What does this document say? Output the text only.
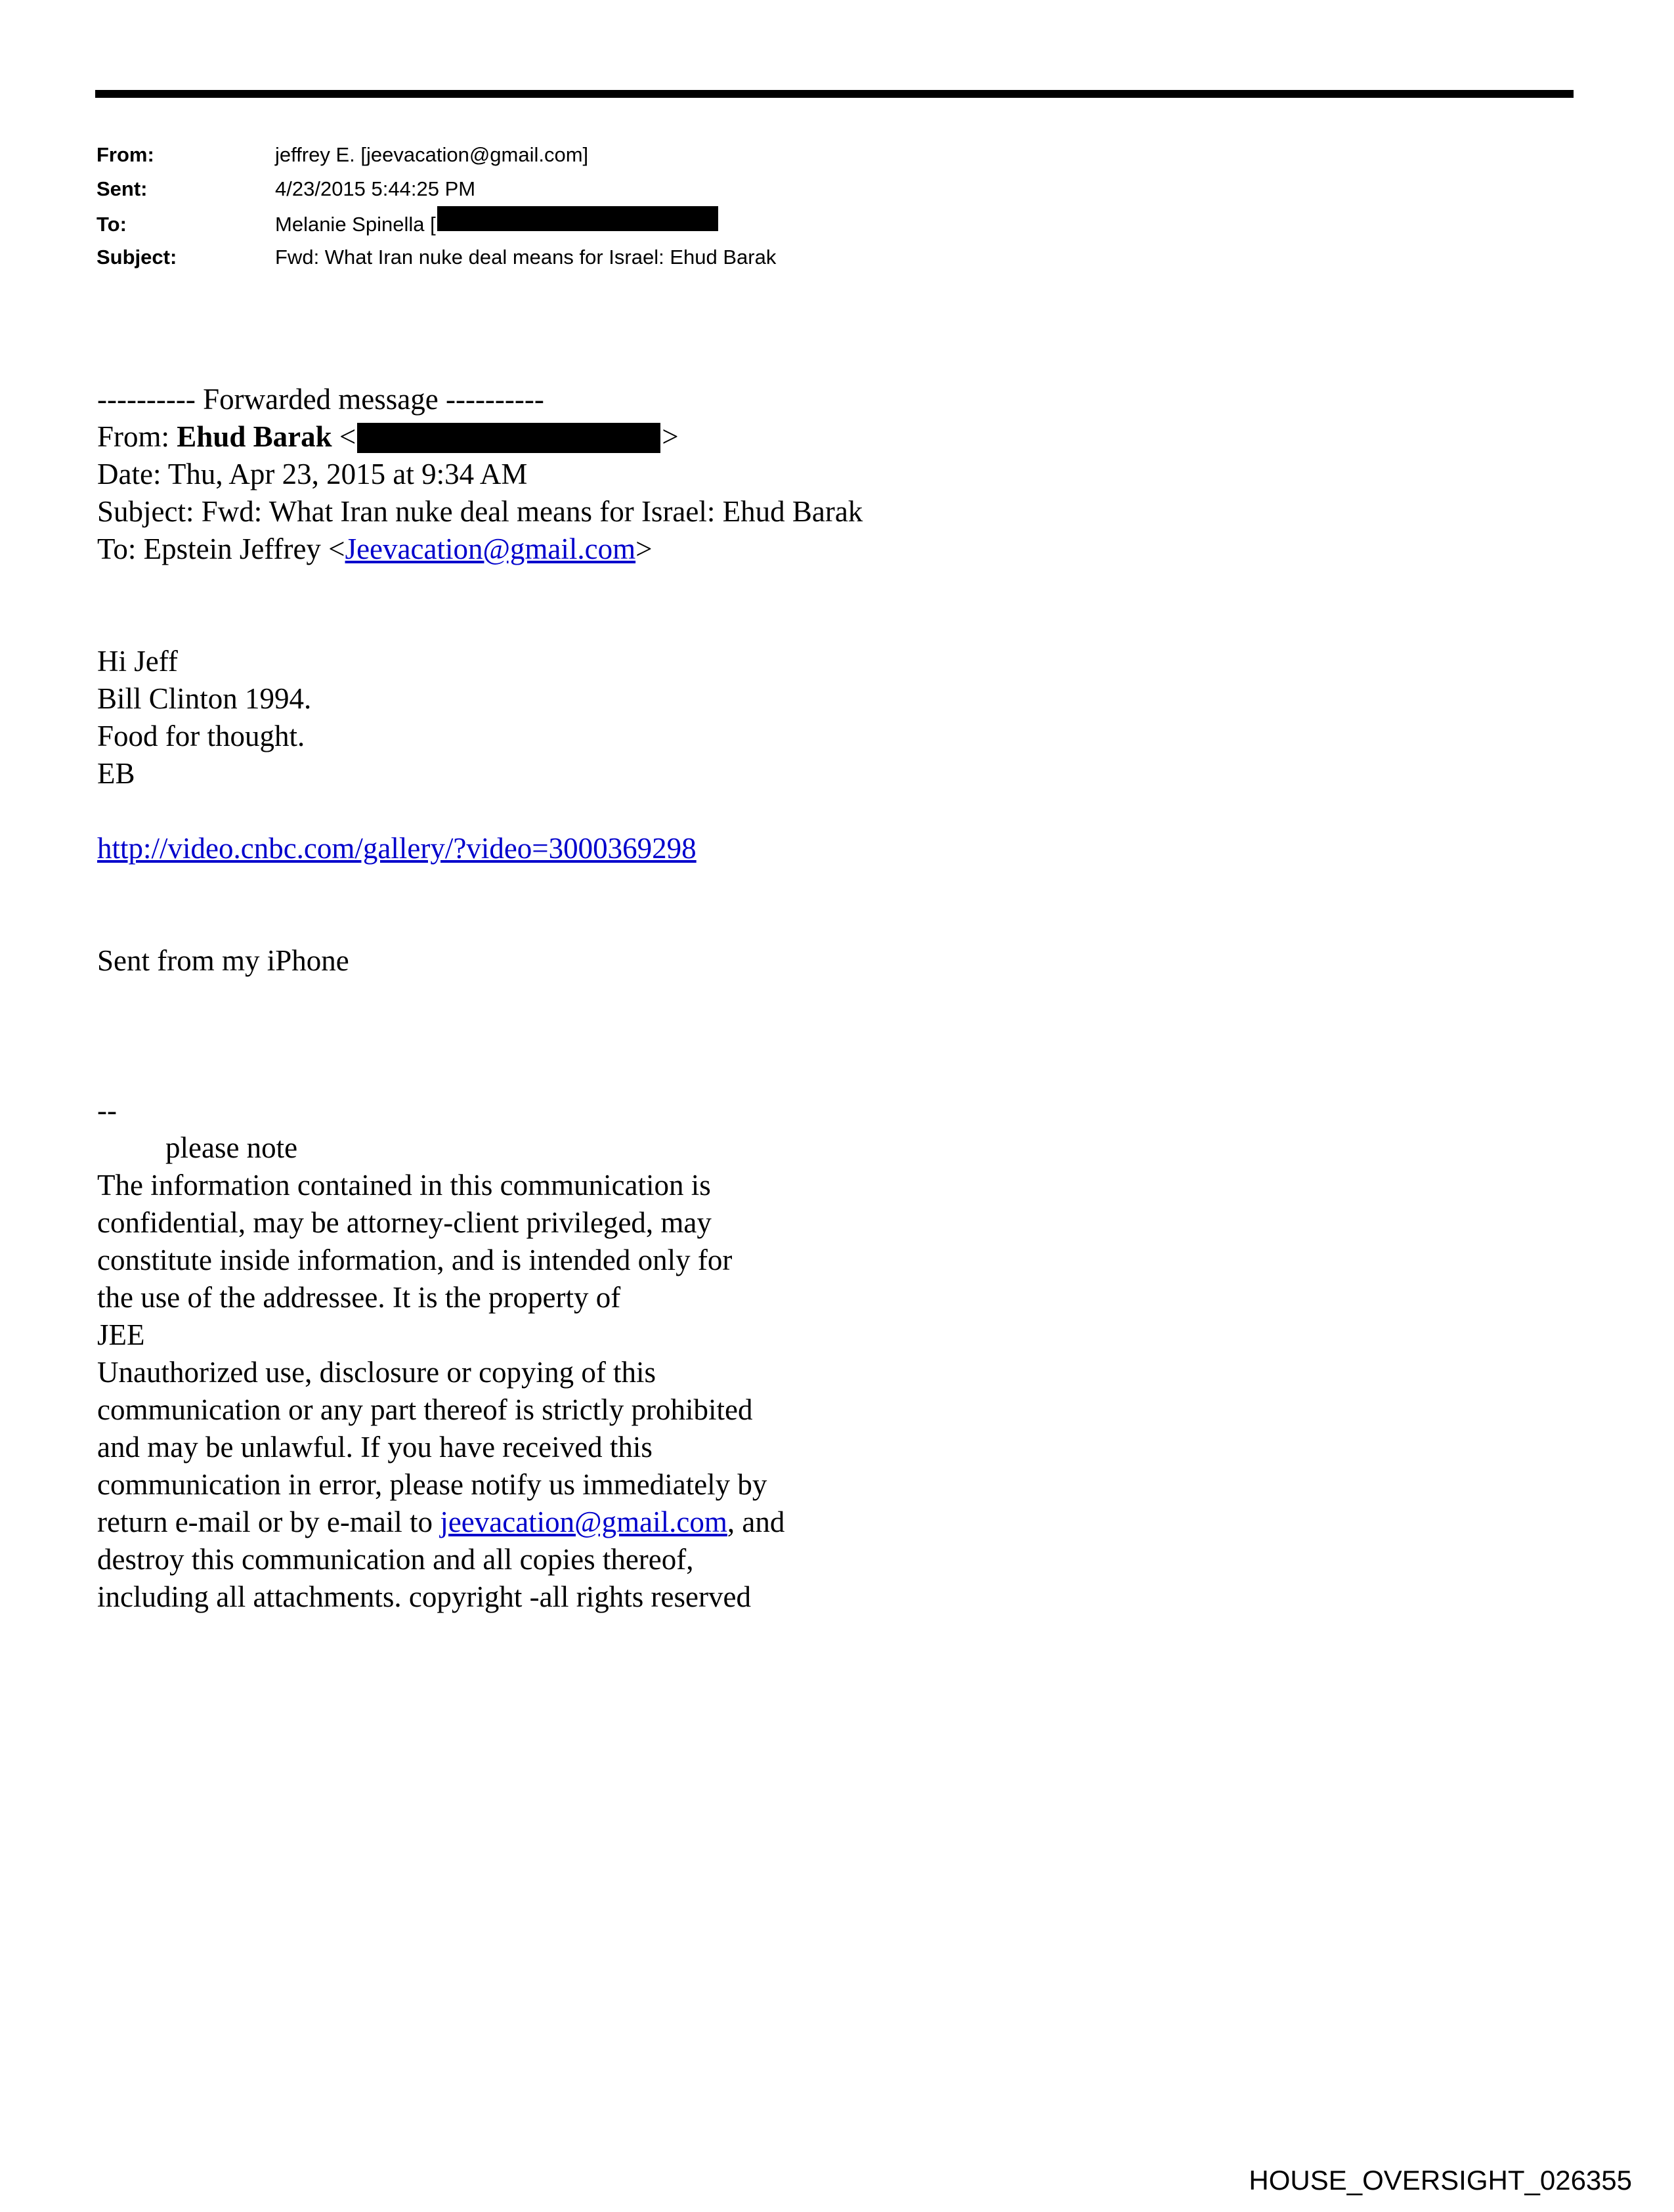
From:	jeffrey E. [jeevacation@gmail.com]
Sent:	4/23/2015 5:44:25 PM
To:	Melanie Spinella [
Subject:	Fwd: What Iran nuke deal means for Israel: Ehud Barak
---------- Forwarded message ----------
From: Ehud Barak <	>
Date: Thu, Apr 23, 2015 at 9:34 AM
Subject: Fwd: What Iran nuke deal means for Israel: Ehud Barak
To: Epstein Jeffrey <Jeevacation@gmail.com>
Hi Jeff
Bill Clinton 1994.
Food for thought.
EB
http://video.cnbc.com/gallery/?video=3000369298
Sent from my iPhone
--
please note
The information contained in this communication is
confidential, may be attorney-client privileged, may
constitute inside information, and is intended only for
the use of the addressee. It is the property of
JEE
Unauthorized use, disclosure or copying of this
communication or any part thereof is strictly prohibited
and may be unlawful. If you have received this
communication in error, please notify us immediately by
return e-mail or by e-mail to jeevacation@gmail.com, and
destroy this communication and all copies thereof,
including all attachments. copyright -all rights reserved
HOUSE_OVERSIGHT_026355
